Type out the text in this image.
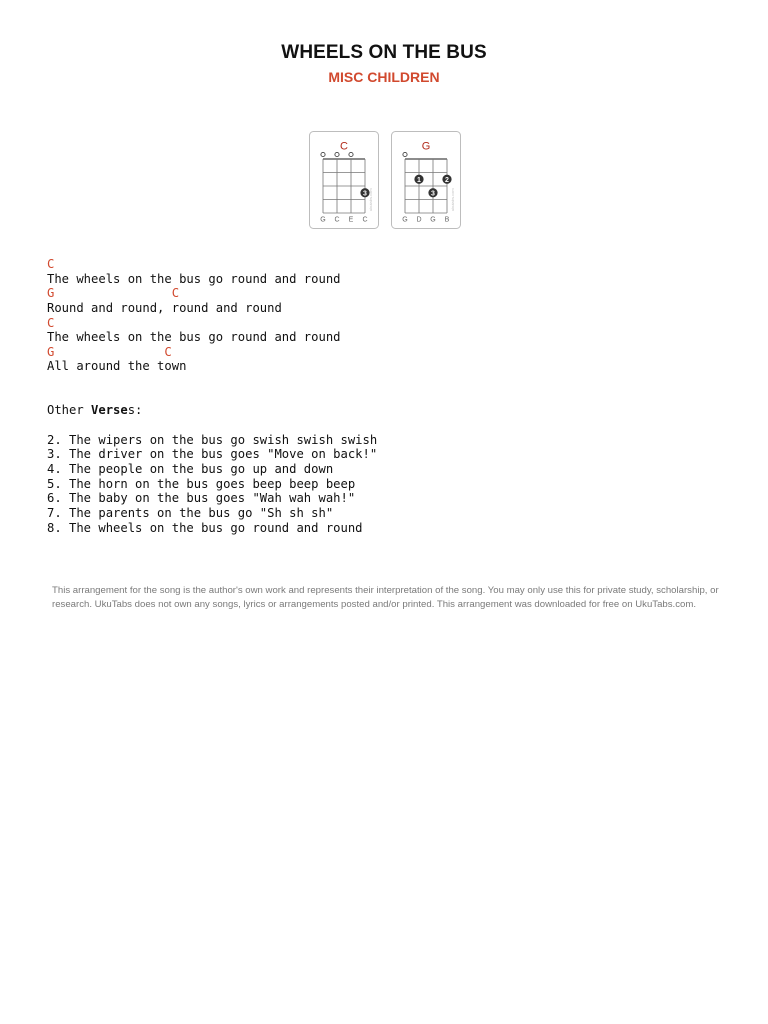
WHEELS ON THE BUS
MISC CHILDREN
C
3
G C E C
ukutabs.com
G
1	2
3
G D G B
ukutabs.com
C
The wheels on the bus go round and round
G                C
Round and round, round and round
C
The wheels on the bus go round and round
G               C
All around the town
Other Verses:
2. The wipers on the bus go swish swish swish
3. The driver on the bus goes "Move on back!"
4. The people on the bus go up and down
5. The horn on the bus goes beep beep beep
6. The baby on the bus goes "Wah wah wah!"
7. The parents on the bus go "Sh sh sh"
8. The wheels on the bus go round and round
This arrangement for the song is the author's own work and represents their interpretation of the song. You may only use this for private study, scholarship, or research. UkuTabs does not own any songs, lyrics or arrangements posted and/or printed. This arrangement was downloaded for free on UkuTabs.com.
